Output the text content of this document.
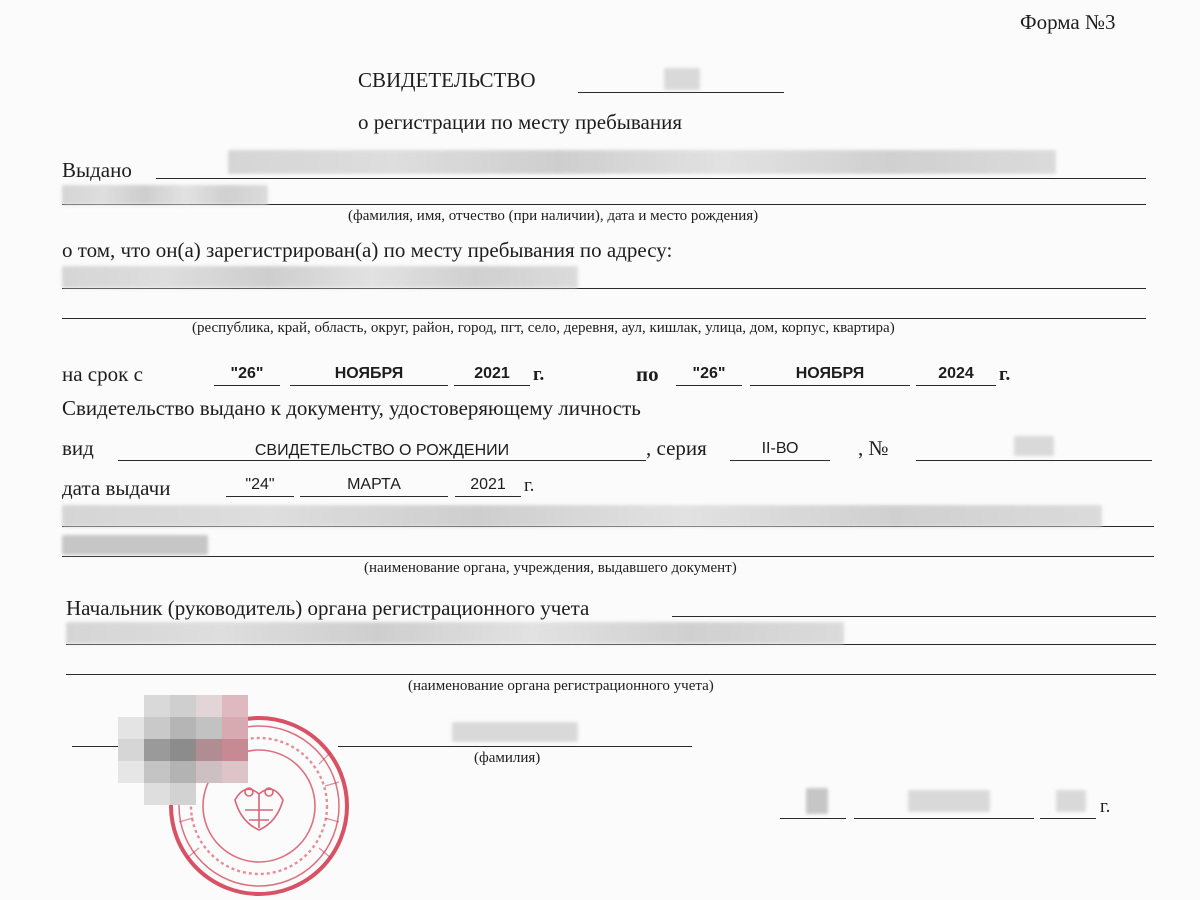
Форма №3
СВИДЕТЕЛЬСТВО
о регистрации по месту пребывания
Выдано
(фамилия, имя, отчество (при наличии), дата и место рождения)
о том, что он(а) зарегистрирован(а) по месту пребывания по адресу:
(республика, край, область, округ, район, город, пгт, село, деревня, аул, кишлак, улица, дом, корпус, квартира)
на срок с	"26"	НОЯБРЯ	2021	г.	по	"26"	НОЯБРЯ	2024	г.
Свидетельство выдано к документу, удостоверяющему личность
вид	СВИДЕТЕЛЬСТВО О РОЖДЕНИИ	, серия	II-ВО	, №
дата выдачи	"24"	МАРТА	2021 г.
(наименование органа, учреждения, выдавшего документ)
Начальник (руководитель) органа регистрационного учета
(наименование органа регистрационного учета)
(фамилия)
г.
